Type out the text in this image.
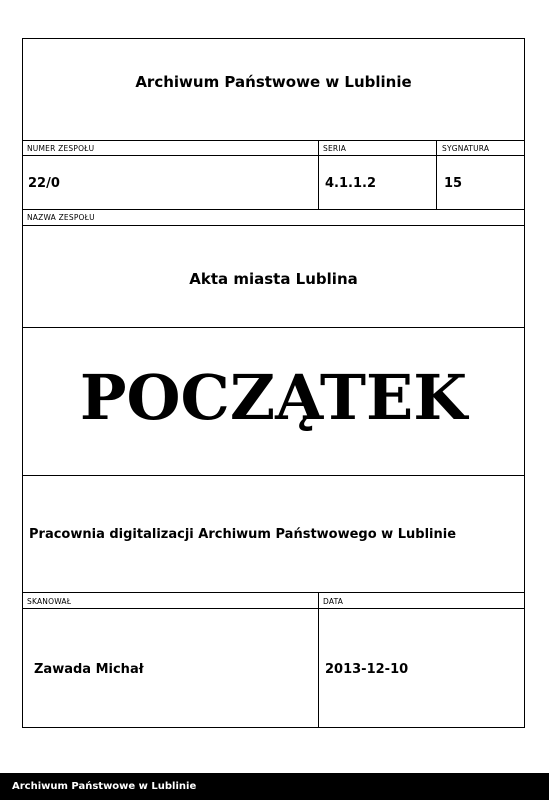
Archiwum Państwowe w Lublinie
NUMER ZESPOŁU	SERIA	SYGNATURA
22/0	4.1.1.2	15
NAZWA ZESPOŁU
Akta miasta Lublina
POCZĄTEK
Pracownia digitalizacji Archiwum Państwowego w Lublinie
SKANOWAŁ	DATA
Zawada Michał	2013-12-10
Archiwum Państwowe w Lublinie
